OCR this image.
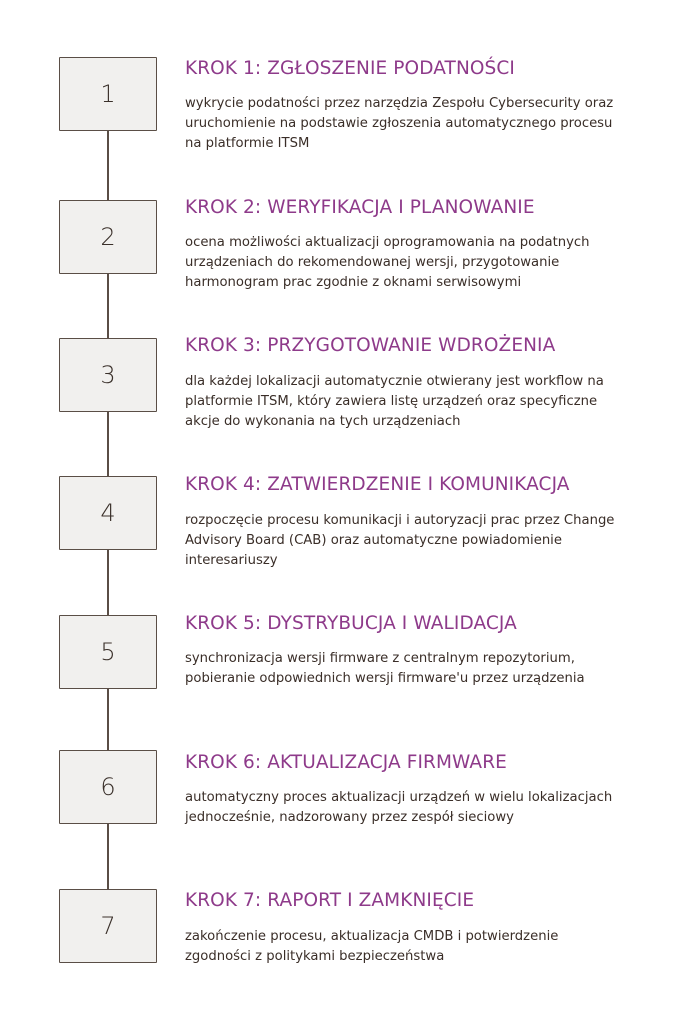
1
KROK 1: ZGŁOSZENIE PODATNOŚCI
wykrycie podatności przez narzędzia Zespołu Cybersecurity oraz uruchomienie na podstawie zgłoszenia automatycznego procesu na platformie ITSM
2
KROK 2: WERYFIKACJA I PLANOWANIE
ocena możliwości aktualizacji oprogramowania na podatnych urządzeniach do rekomendowanej wersji, przygotowanie harmonogram prac zgodnie z oknami serwisowymi
3
KROK 3: PRZYGOTOWANIE WDROŻENIA
dla każdej lokalizacji automatycznie otwierany jest workflow na platformie ITSM, który zawiera listę urządzeń oraz specyficzne akcje do wykonania na tych urządzeniach
4
KROK 4: ZATWIERDZENIE I KOMUNIKACJA
rozpoczęcie procesu komunikacji i autoryzacji prac przez Change Advisory Board (CAB) oraz automatyczne powiadomienie interesariuszy
5
KROK 5: DYSTRYBUCJA I WALIDACJA
synchronizacja wersji firmware z centralnym repozytorium, pobieranie odpowiednich wersji firmware'u przez urządzenia
6
KROK 6: AKTUALIZACJA FIRMWARE
automatyczny proces aktualizacji urządzeń w wielu lokalizacjach jednocześnie, nadzorowany przez zespół sieciowy
7
KROK 7: RAPORT I ZAMKNIĘCIE
zakończenie procesu, aktualizacja CMDB i potwierdzenie zgodności z politykami bezpieczeństwa
